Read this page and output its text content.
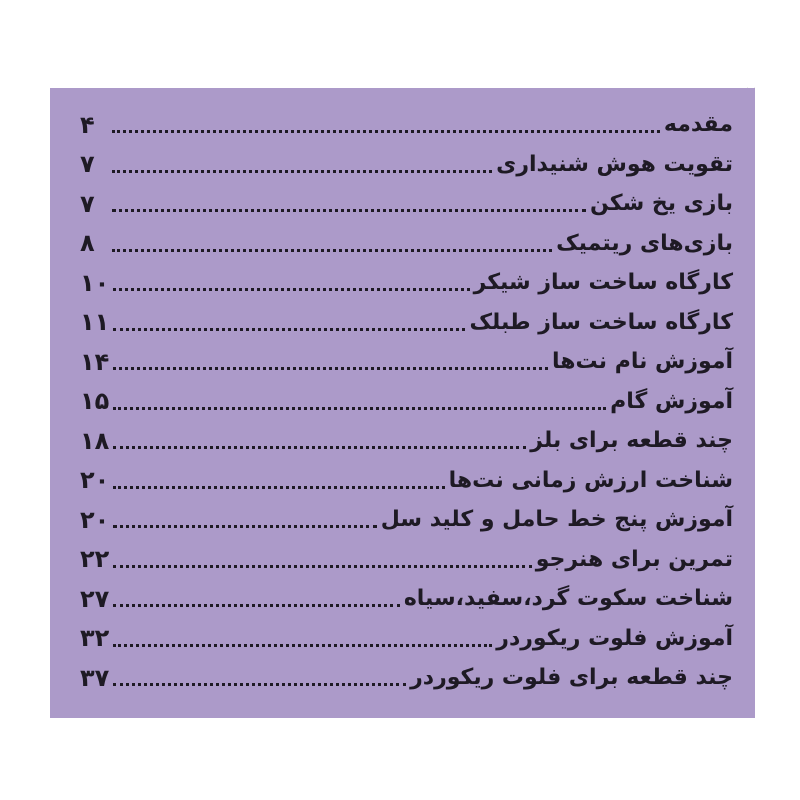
مقدمه
۴
تقویت هوش شنیداری
۷
بازی یخ شکن
۷
بازی‌های ریتمیک
۸
کارگاه ساخت ساز شیکر
۱۰
کارگاه ساخت ساز طبلک
۱۱
آموزش نام نت‌ها
۱۴
آموزش گام
۱۵
چند قطعه برای بلز
۱۸
شناخت ارزش زمانی نت‌ها
۲۰
آموزش پنج خط حامل و کلید سل
۲۰
تمرین برای هنرجو
۲۲
شناخت سکوت گرد،سفید،سیاه
۲۷
آموزش فلوت ریکوردر
۳۲
چند قطعه برای فلوت ریکوردر
۳۷
